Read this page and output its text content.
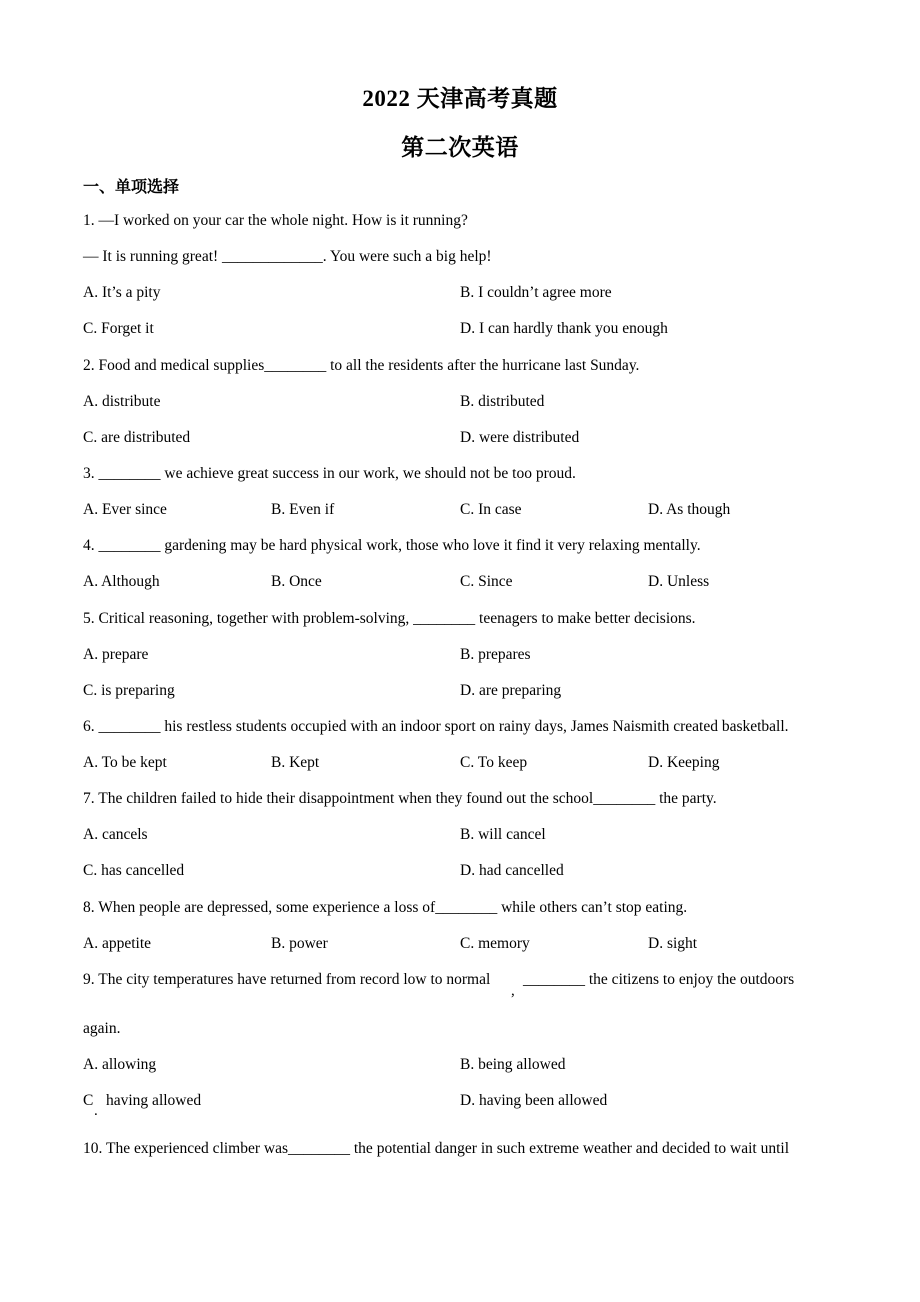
2022 天津高考真题
第二次英语
一、单项选择
1. —I worked on your car the whole night. How is it running?
— It is running great! _____________. You were such a big help!
A. It’s a pity	B. I couldn’t agree more
C. Forget it	D. I can hardly thank you enough
2. Food and medical supplies________ to all the residents after the hurricane last Sunday.
A. distribute	B. distributed
C. are distributed	D. were distributed
3. ________ we achieve great success in our work, we should not be too proud.
A. Ever since	B. Even if	C. In case	D. As though
4. ________ gardening may be hard physical work, those who love it find it very relaxing mentally.
A. Although	B. Once	C. Since	D. Unless
5. Critical reasoning, together with problem-solving, ________ teenagers to make better decisions.
A. prepare	B. prepares
C. is preparing	D. are preparing
6. ________ his restless students occupied with an indoor sport on rainy days, James Naismith created basketball.
A. To be kept	B. Kept	C. To keep	D. Keeping
7. The children failed to hide their disappointment when they found out the school________ the party.
A. cancels	B. will cancel
C. has cancelled	D. had cancelled
8. When people are depressed, some experience a loss of________ while others can’t stop eating.
A. appetite	B. power	C. memory	D. sight
9. The city temperatures have returned from record low to normal
,
________ the citizens to enjoy the outdoors
again.
A. allowing	B. being allowed
C
.
having allowed	D. having been allowed
10. The experienced climber was________ the potential danger in such extreme weather and decided to wait until
